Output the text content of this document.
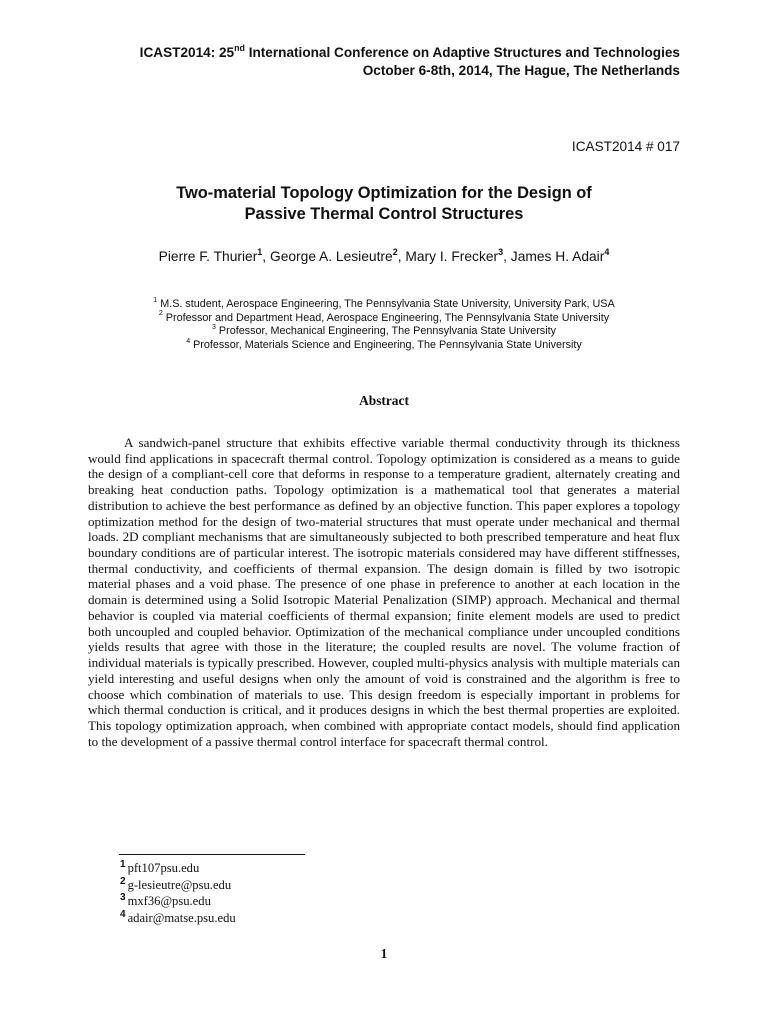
ICAST2014: 25nd International Conference on Adaptive Structures and Technologies
October 6-8th, 2014, The Hague, The Netherlands
ICAST2014 # 017
Two-material Topology Optimization for the Design of
Passive Thermal Control Structures
Pierre F. Thurier$^1$, George A. Lesieutre$^2$, Mary I. Frecker$^3$, James H. Adair$^4$
$^1$ M.S. student, Aerospace Engineering, The Pennsylvania State University, University Park, USA
$^2$ Professor and Department Head, Aerospace Engineering, The Pennsylvania State University
$^3$ Professor, Mechanical Engineering, The Pennsylvania State University
$^4$ Professor, Materials Science and Engineering, The Pennsylvania State University
Abstract

A sandwich-panel structure that exhibits effective variable thermal conductivity through its thickness would find applications in spacecraft thermal control. Topology optimization is considered as a means to guide the design of a compliant-cell core that deforms in response to a temperature gradient, alternately creating and breaking heat conduction paths. Topology optimization is a mathematical tool that generates a material distribution to achieve the best performance as defined by an objective function. This paper explores a topology optimization method for the design of two-material structures that must operate under mechanical and thermal loads. 2D compliant mechanisms that are simultaneously subjected to both prescribed temperature and heat flux boundary conditions are of particular interest. The isotropic materials considered may have different stiffnesses, thermal conductivity, and coefficients of thermal expansion. The design domain is filled by two isotropic material phases and a void phase. The presence of one phase in preference to another at each location in the domain is determined using a Solid Isotropic Material Penalization (SIMP) approach. Mechanical and thermal behavior is coupled via material coefficients of thermal expansion; finite element models are used to predict both uncoupled and coupled behavior. Optimization of the mechanical compliance under uncoupled conditions yields results that agree with those in the literature; the coupled results are novel. The volume fraction of individual materials is typically prescribed. However, coupled multi-physics analysis with multiple materials can yield interesting and useful designs when only the amount of void is constrained and the algorithm is free to choose which combination of materials to use. This design freedom is especially important in problems for which thermal conduction is critical, and it produces designs in which the best thermal properties are exploited. This topology optimization approach, when combined with appropriate contact models, should find application to the development of a passive thermal control interface for spacecraft thermal control.

$^1$ pft107psu.edu
$^2$ g-lesieutre@psu.edu
$^3$ mxf36@psu.edu
$^4$ adair@matse.psu.edu
1
